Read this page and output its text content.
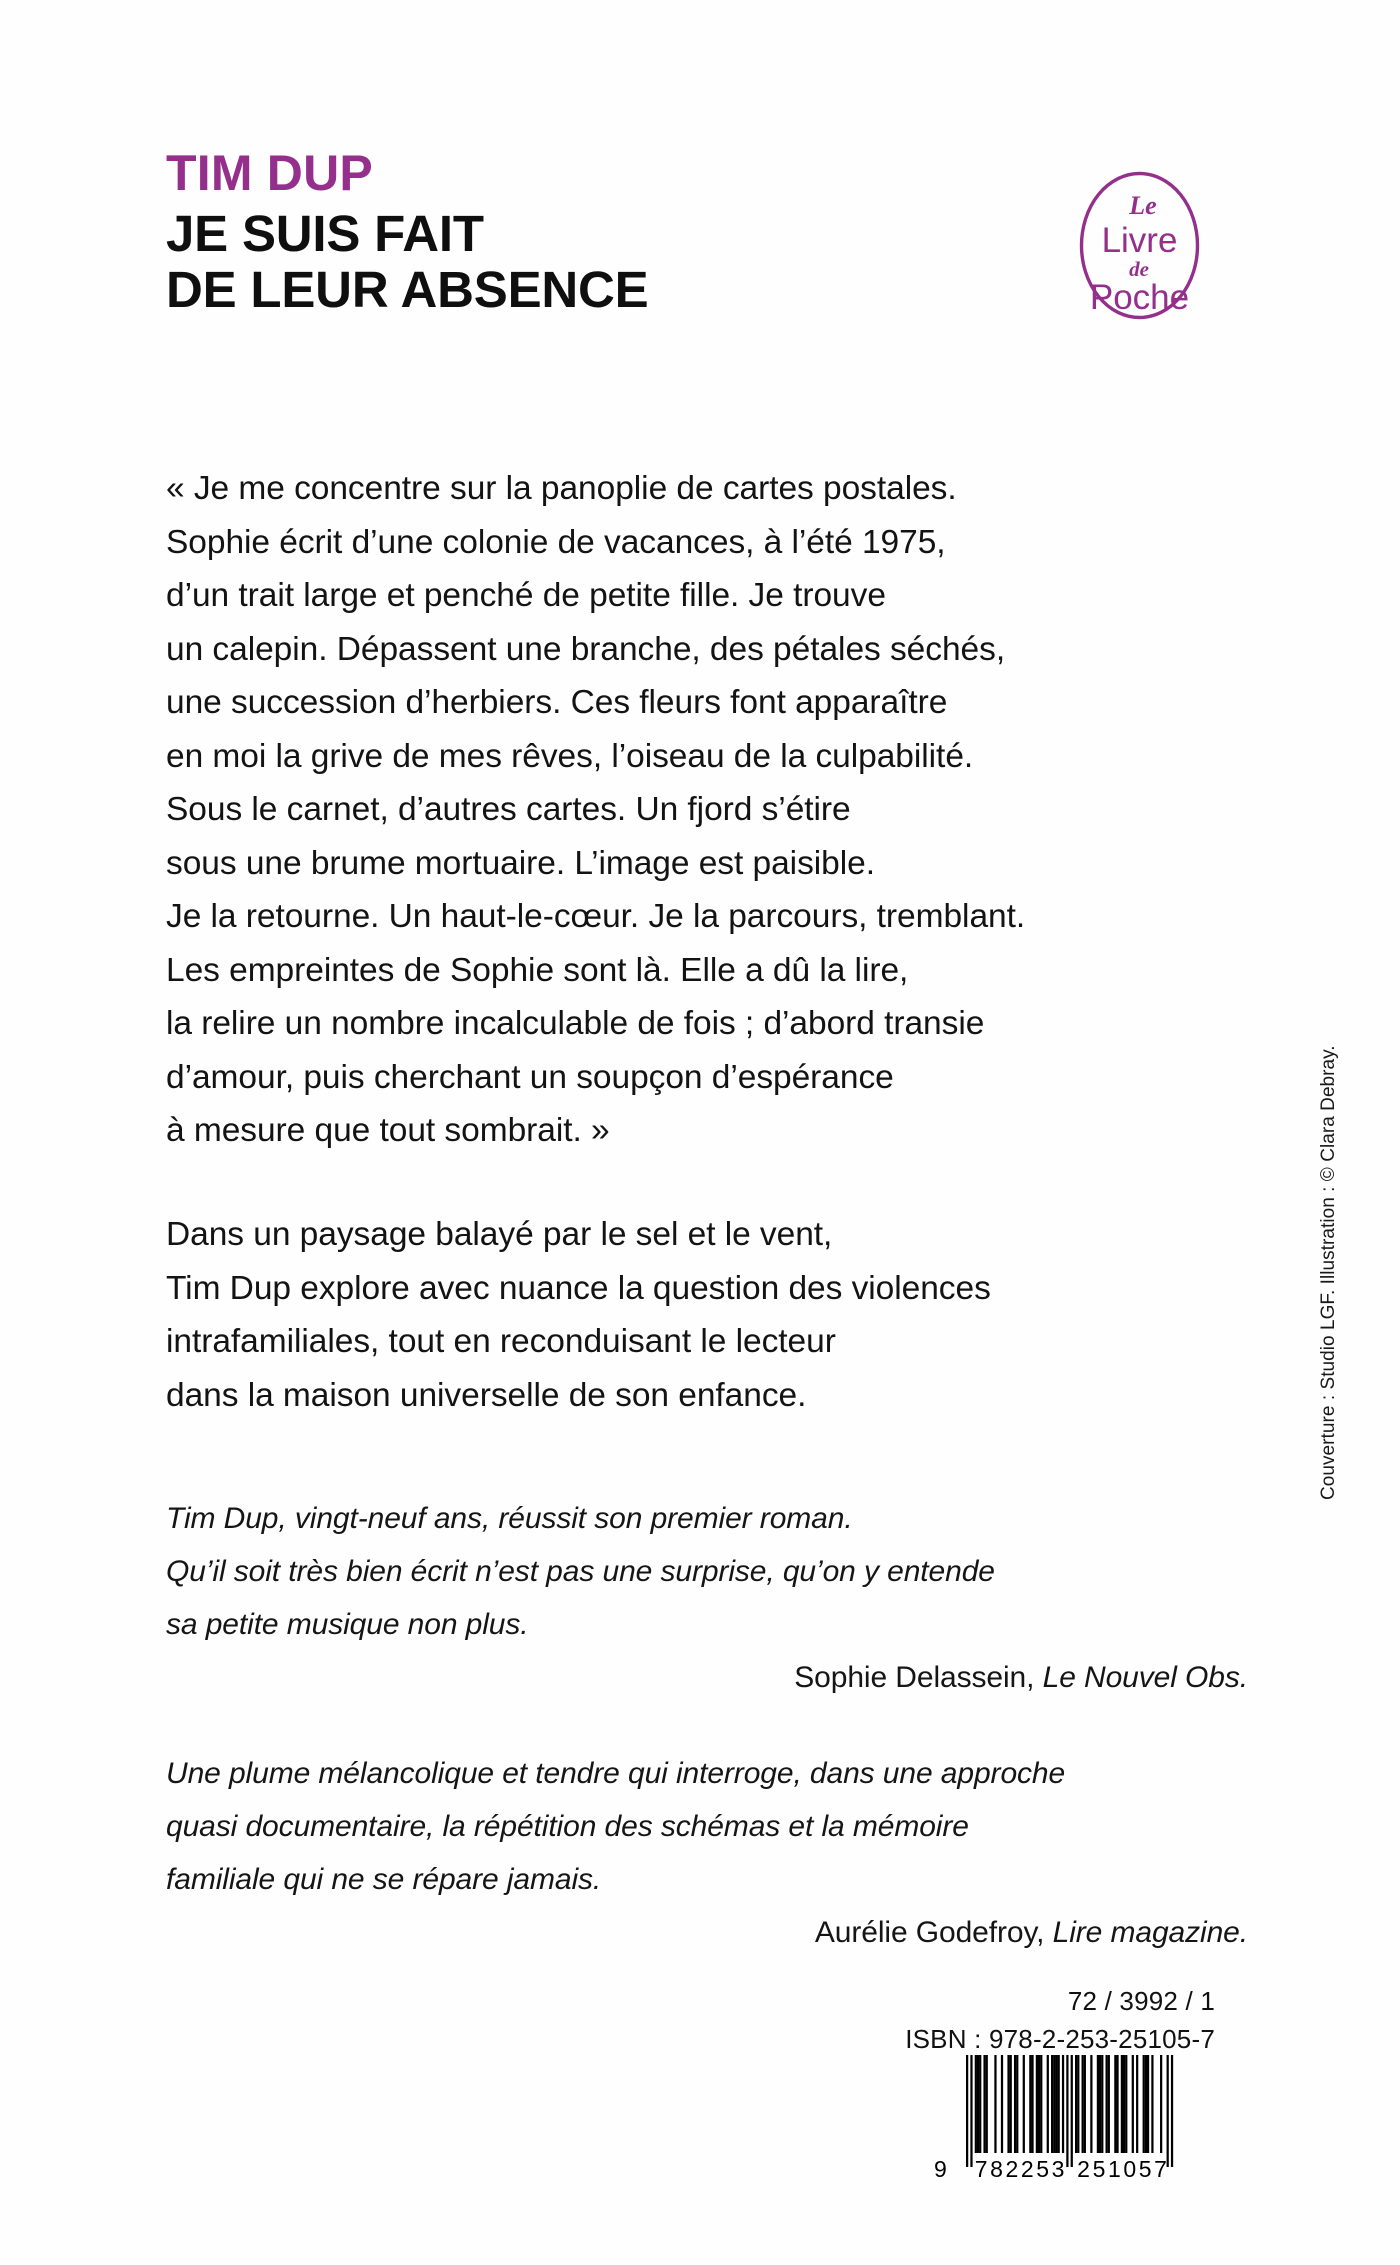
TIM DUP
JE SUIS FAIT
DE LEUR ABSENCE
Le
Livre
de
Poche
« Je me concentre sur la panoplie de cartes postales.
Sophie écrit d’une colonie de vacances, à l’été 1975,
d’un trait large et penché de petite fille. Je trouve
un calepin. Dépassent une branche, des pétales séchés,
une succession d’herbiers. Ces fleurs font apparaître
en moi la grive de mes rêves, l’oiseau de la culpabilité.
Sous le carnet, d’autres cartes. Un fjord s’étire
sous une brume mortuaire. L’image est paisible.
Je la retourne. Un haut-le-cœur. Je la parcours, tremblant.
Les empreintes de Sophie sont là. Elle a dû la lire,
la relire un nombre incalculable de fois ; d’abord transie
d’amour, puis cherchant un soupçon d’espérance
à mesure que tout sombrait. »
Dans un paysage balayé par le sel et le vent,
Tim Dup explore avec nuance la question des violences
intrafamiliales, tout en reconduisant le lecteur
dans la maison universelle de son enfance.
Tim Dup, vingt-neuf ans, réussit son premier roman.
Qu’il soit très bien écrit n’est pas une surprise, qu’on y entende
sa petite musique non plus.
Sophie Delassein, Le Nouvel Obs.
Une plume mélancolique et tendre qui interroge, dans une approche
quasi documentaire, la répétition des schémas et la mémoire
familiale qui ne se répare jamais.
Aurélie Godefroy, Lire magazine.
Couverture : Studio LGF. Illustration : © Clara Debray.
72 / 3992 / 1
ISBN : 978-2-253-25105-7
9 782253 251057
